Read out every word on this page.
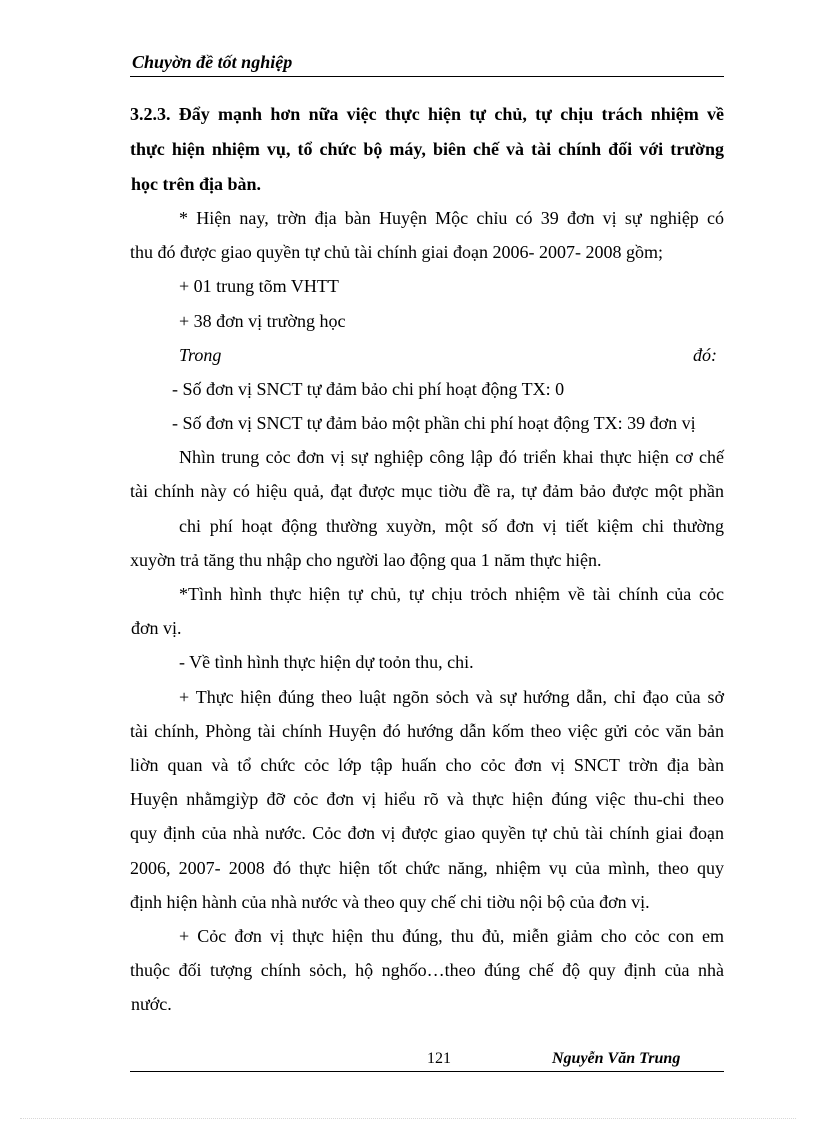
Chuyờn đề tốt nghiệp
3.2.3. Đẩy mạnh hơn nữa việc thực hiện tự chủ, tự chịu trách nhiệm về
thực hiện nhiệm vụ, tổ chức bộ máy, biên chế và tài chính đối với trường
học trên địa bàn.
* Hiện nay, trờn địa bàn Huyện Mộc chỉu có 39 đơn vị sự nghiệp có
thu đó được giao quyền tự chủ tài chính giai đoạn 2006- 2007- 2008 gồm;
+ 01 trung tõm VHTT
+ 38 đơn vị trường học
Trong	đó:
- Số đơn vị SNCT tự đảm bảo chi phí hoạt động TX: 0
- Số đơn vị SNCT tự đảm bảo một phần chi phí hoạt động TX: 39 đơn vị
Nhìn trung cỏc đơn vị sự nghiệp công lập đó triển khai thực hiện cơ chế
tài chính này có hiệu quả, đạt được mục tiờu đề ra, tự đảm bảo được một phần
chi phí hoạt động thường xuyờn, một số đơn vị tiết kiệm chi thường
xuyờn trả tăng thu nhập cho người lao động qua 1 năm thực hiện.
*Tình hình thực hiện tự chủ, tự chịu trỏch nhiệm về tài chính của cỏc
đơn vị.
- Về tình hình thực hiện dự toỏn thu, chi.
+ Thực hiện đúng theo luật ngõn sỏch và sự hướng dẫn, chỉ đạo của sở
tài chính, Phòng tài chính Huyện đó hướng dẫn kốm theo việc gửi cỏc văn bản
liờn quan và tổ chức cỏc lớp tập huấn cho cỏc đơn vị SNCT trờn địa bàn
Huyện nhằmgiỳp đỡ cỏc đơn vị hiểu rõ và thực hiện đúng việc thu-chi theo
quy định của nhà nước. Cỏc đơn vị được giao quyền tự chủ tài chính giai đoạn
2006, 2007- 2008 đó thực hiện tốt chức năng, nhiệm vụ của mình, theo quy
định hiện hành của nhà nước và theo quy chế chi tiờu nội bộ của đơn vị.
+ Cỏc đơn vị thực hiện thu đúng, thu đủ, miễn giảm cho cỏc con em
thuộc đối tượng chính sỏch, hộ nghốo…theo đúng chế độ quy định của nhà
nước.
121	Nguyễn Văn Trung
